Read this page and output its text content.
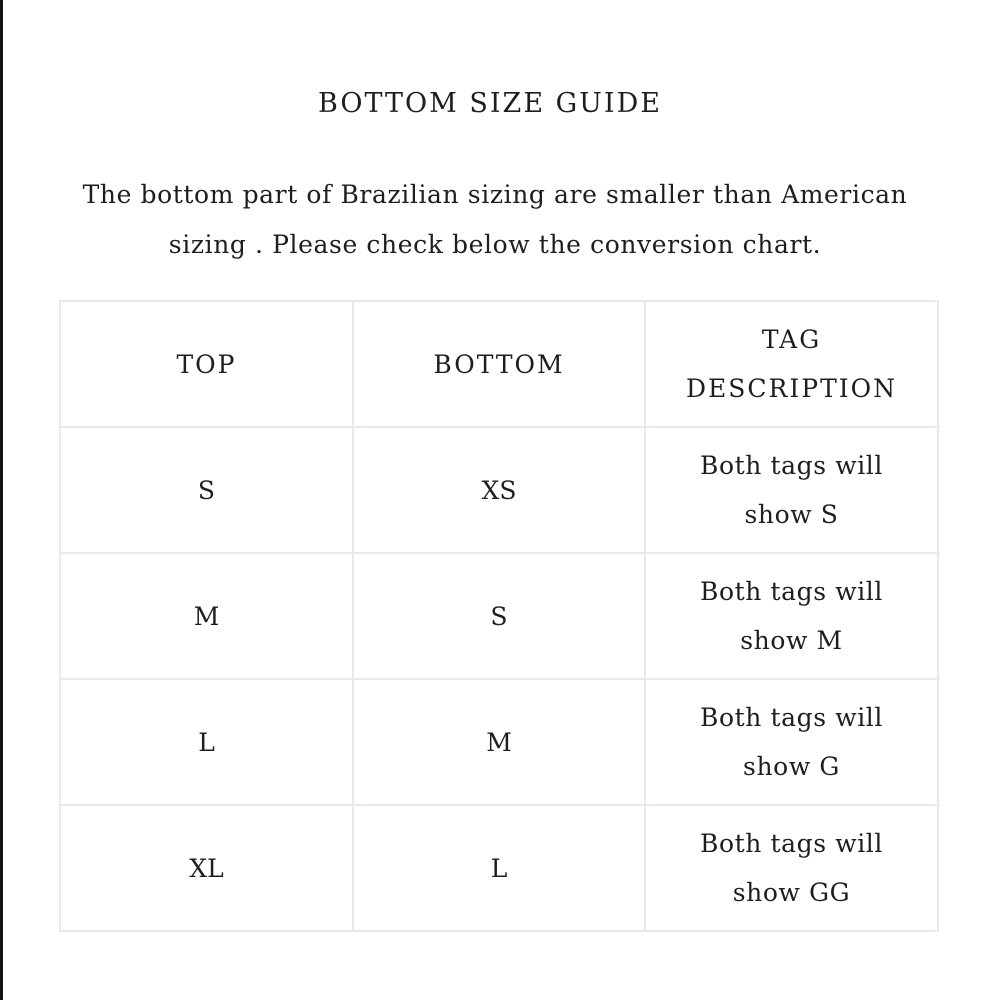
BOTTOM SIZE GUIDE
The bottom part of Brazilian sizing are smaller than American sizing . Please check below the conversion chart.
TOP	BOTTOM	TAG DESCRIPTION
S	XS	Both tags will show S
M	S	Both tags will show M
L	M	Both tags will show G
XL	L	Both tags will show GG
